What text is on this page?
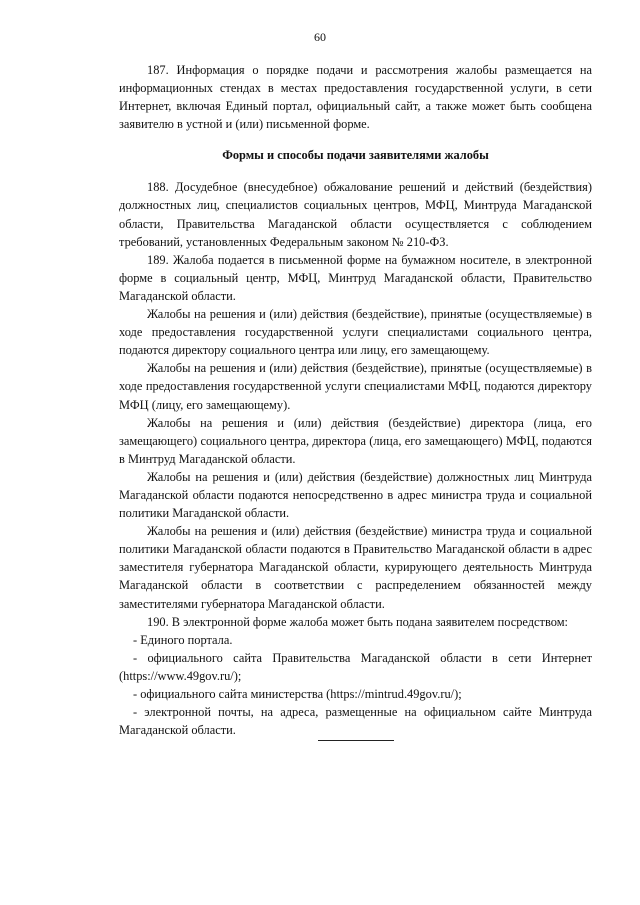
60

187. Информация о порядке подачи и рассмотрения жалобы размещается на информационных стендах в местах предоставления государственной услуги, в сети Интернет, включая Единый портал, официальный сайт, а также может быть сообщена заявителю в устной и (или) письменной форме.

Формы и способы подачи заявителями жалобы

188. Досудебное (внесудебное) обжалование решений и действий (бездействия) должностных лиц, специалистов социальных центров, МФЦ, Минтруда Магаданской области, Правительства Магаданской области осуществляется с соблюдением требований, установленных Федеральным законом № 210-ФЗ.

189. Жалоба подается в письменной форме на бумажном носителе, в электронной форме в социальный центр, МФЦ, Минтруд Магаданской области, Правительство Магаданской области.

Жалобы на решения и (или) действия (бездействие), принятые (осуществляемые) в ходе предоставления государственной услуги специалистами социального центра, подаются директору социального центра или лицу, его замещающему.

Жалобы на решения и (или) действия (бездействие), принятые (осуществляемые) в ходе предоставления государственной услуги специалистами МФЦ, подаются директору МФЦ (лицу, его замещающему).

Жалобы на решения и (или) действия (бездействие) директора (лица, его замещающего) социального центра, директора (лица, его замещающего) МФЦ, подаются в Минтруд Магаданской области.

Жалобы на решения и (или) действия (бездействие) должностных лиц Минтруда Магаданской области подаются непосредственно в адрес министра труда и социальной политики Магаданской области.

Жалобы на решения и (или) действия (бездействие) министра труда и социальной политики Магаданской области подаются в Правительство Магаданской области в адрес заместителя губернатора Магаданской области, курирующего деятельность Минтруда Магаданской области в соответствии с распределением обязанностей между заместителями губернатора Магаданской области.

190. В электронной форме жалоба может быть подана заявителем посредством:

- Единого портала.

- официального сайта Правительства Магаданской области в сети Интернет (https://www.49gov.ru/);

- официального сайта министерства (https://mintrud.49gov.ru/);

- электронной почты, на адреса, размещенные на официальном сайте Минтруда Магаданской области.
